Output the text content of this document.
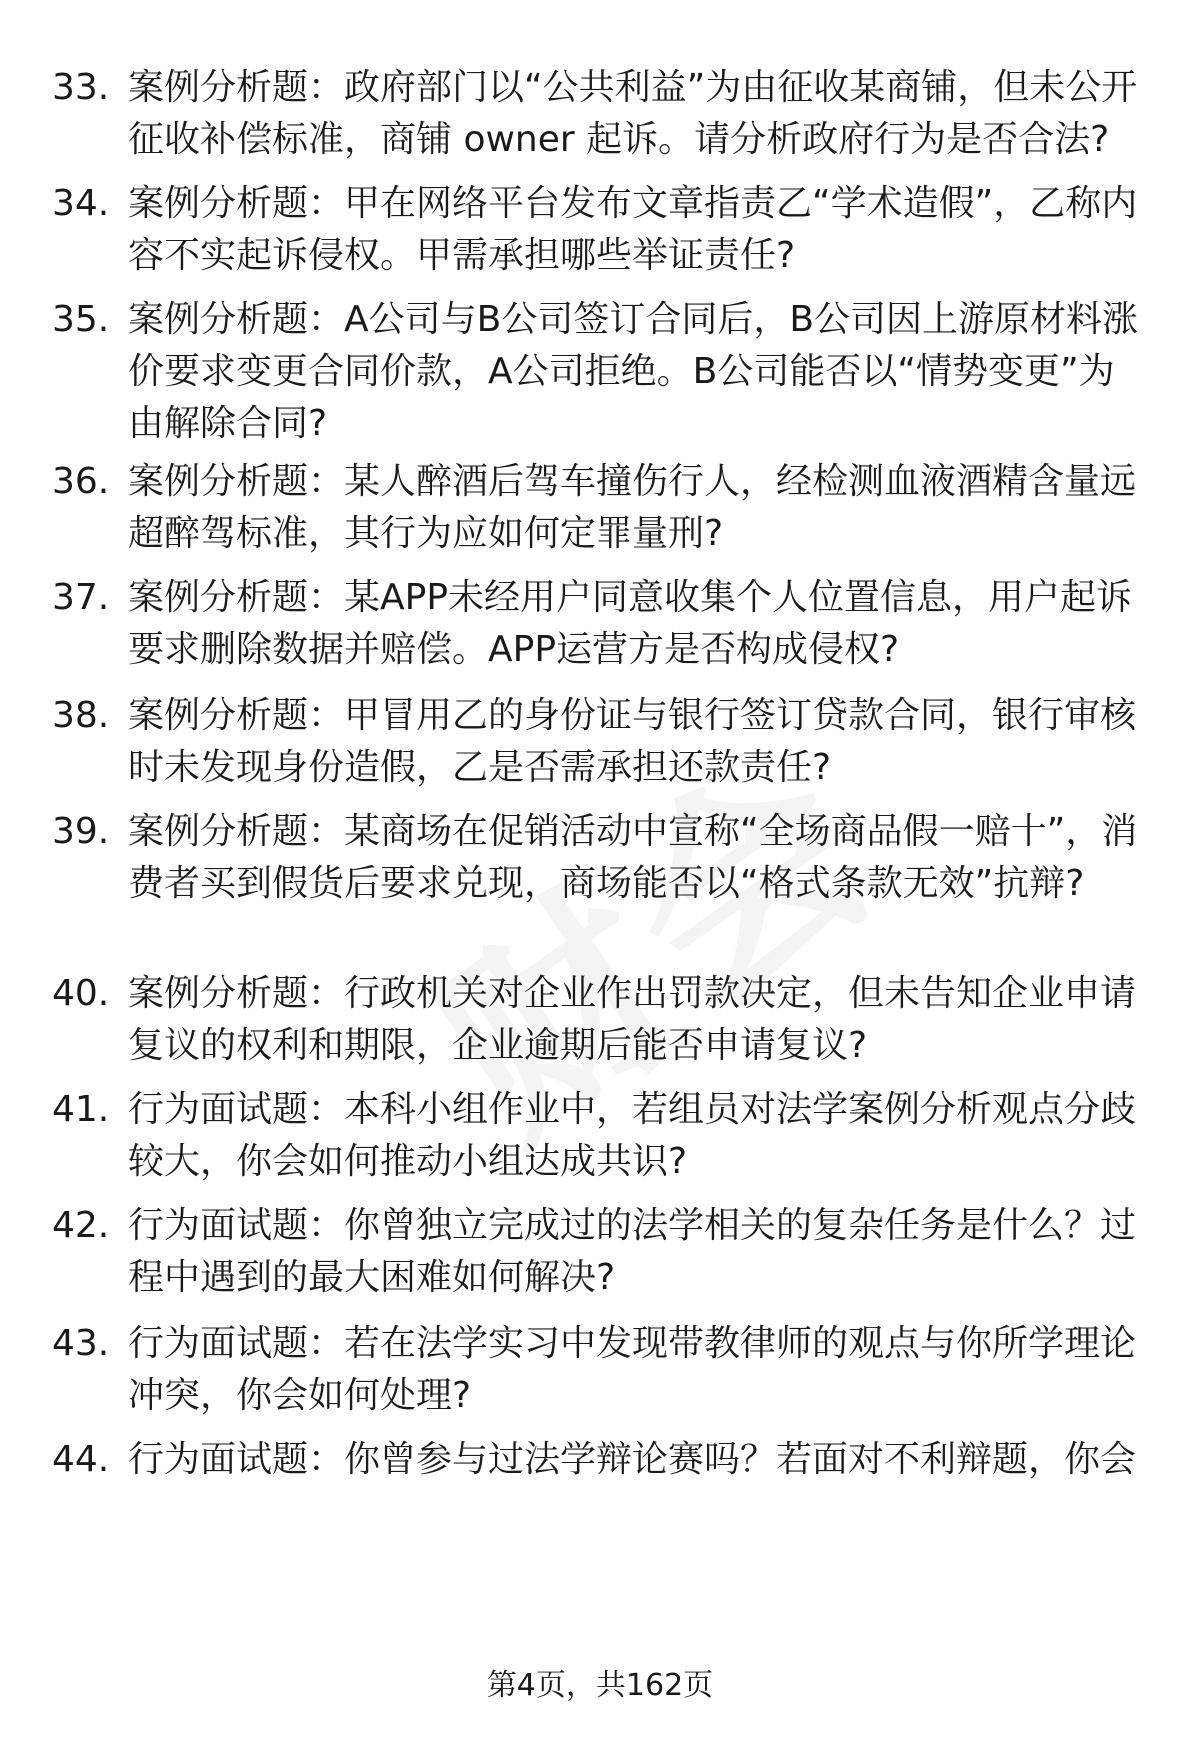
33. 案例分析题：政府部门以“公共利益”为由征收某商铺，但未公开征收补偿标准，商铺 owner 起诉。请分析政府行为是否合法?
34. 案例分析题：甲在网络平台发布文章指责乙“学术造假”，乙称内容不实起诉侵权。甲需承担哪些举证责任?
35. 案例分析题：A公司与B公司签订合同后，B公司因上游原材料涨价要求变更合同价款，A公司拒绝。B公司能否以“情势变更”为由解除合同?
36. 案例分析题：某人醉酒后驾车撞伤行人，经检测血液酒精含量远超醉驾标准，其行为应如何定罪量刑?
37. 案例分析题：某APP未经用户同意收集个人位置信息，用户起诉要求删除数据并赔偿。APP运营方是否构成侵权?
38. 案例分析题：甲冒用乙的身份证与银行签订贷款合同，银行审核时未发现身份造假，乙是否需承担还款责任?
39. 案例分析题：某商场在促销活动中宣称“全场商品假一赔十”，消费者买到假货后要求兑现，商场能否以“格式条款无效”抗辩?
40. 案例分析题：行政机关对企业作出罚款决定，但未告知企业申请复议的权利和期限，企业逾期后能否申请复议?
41. 行为面试题：本科小组作业中，若组员对法学案例分析观点分歧较大，你会如何推动小组达成共识?
42. 行为面试题：你曾独立完成过的法学相关的复杂任务是什么？过程中遇到的最大困难如何解决?
43. 行为面试题：若在法学实习中发现带教律师的观点与你所学理论冲突，你会如何处理?
44. 行为面试题：你曾参与过法学辩论赛吗？若面对不利辩题，你会
第4页，共162页
